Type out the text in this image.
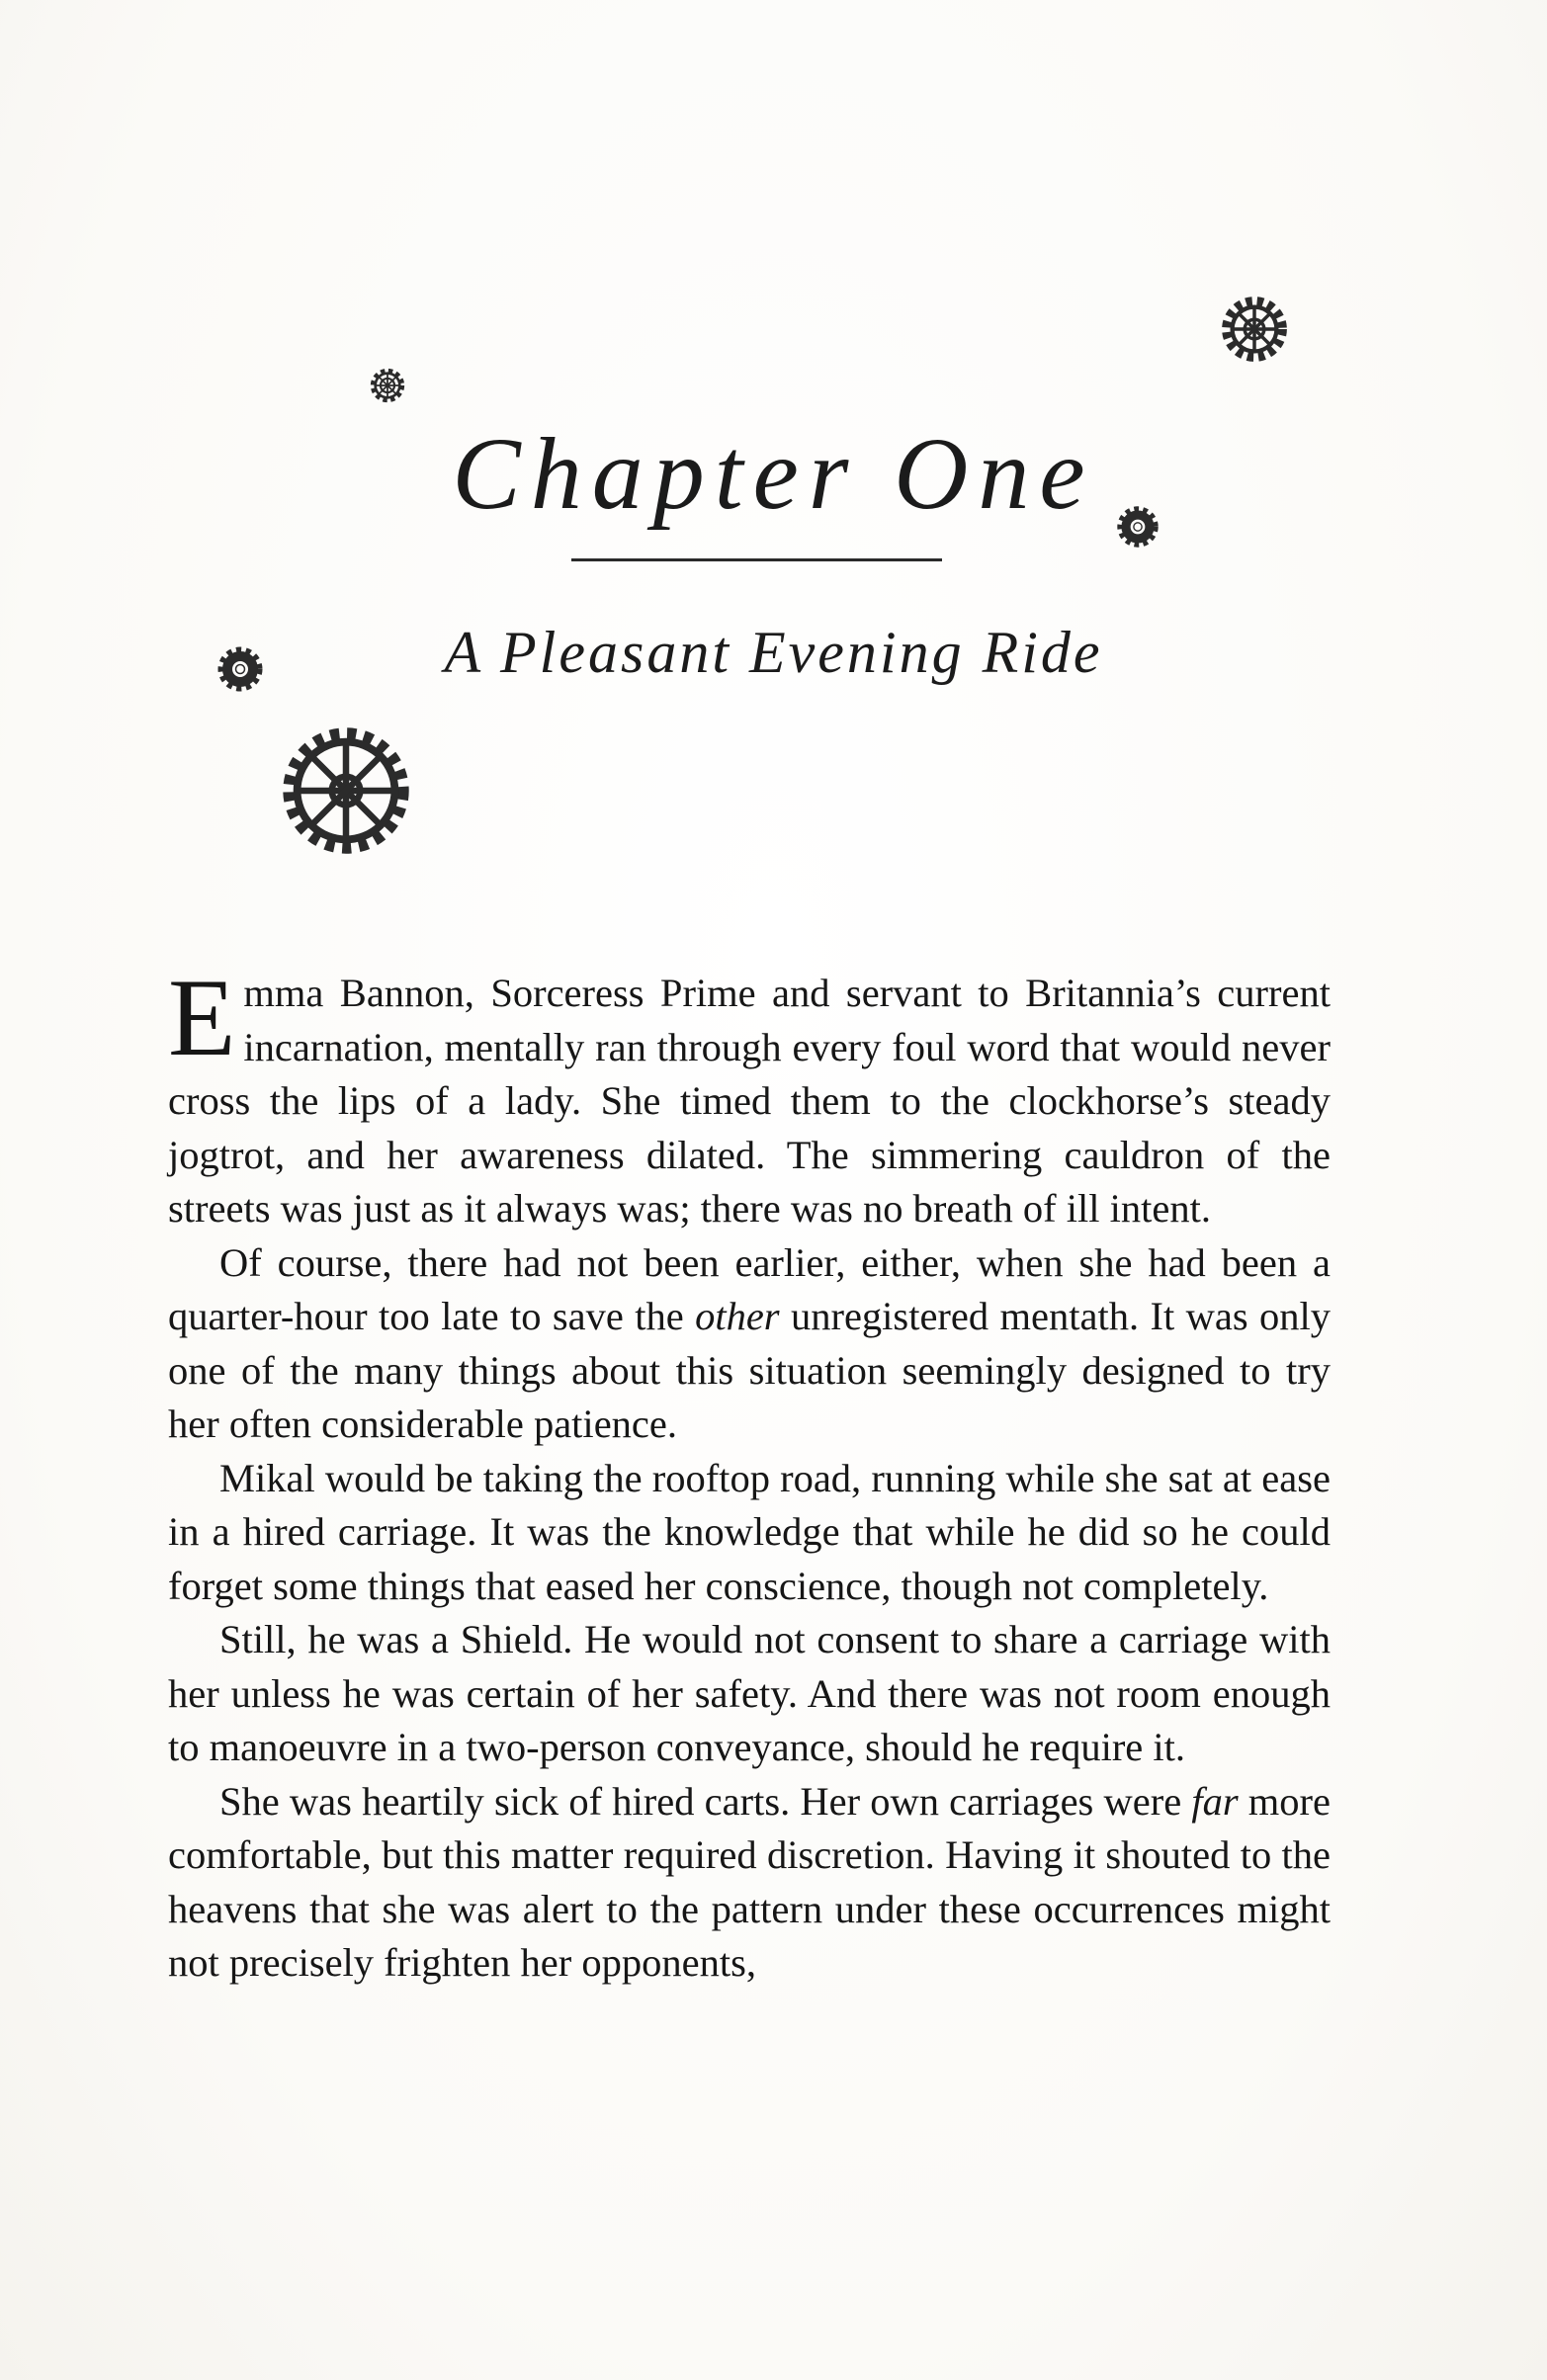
Chapter One
A Pleasant Evening Ride

Emma Bannon, Sorceress Prime and servant to Britannia’s current incarnation, mentally ran through every foul word that would never cross the lips of a lady. She timed them to the clockhorse’s steady jogtrot, and her awareness dilated. The simmering cauldron of the streets was just as it always was; there was no breath of ill intent.

Of course, there had not been earlier, either, when she had been a quarter-hour too late to save the other unregistered mentath. It was only one of the many things about this situation seemingly designed to try her often considerable patience.

Mikal would be taking the rooftop road, running while she sat at ease in a hired carriage. It was the knowledge that while he did so he could forget some things that eased her conscience, though not completely.

Still, he was a Shield. He would not consent to share a carriage with her unless he was certain of her safety. And there was not room enough to manoeuvre in a two-person conveyance, should he require it.

She was heartily sick of hired carts. Her own carriages were far more comfortable, but this matter required discretion. Having it shouted to the heavens that she was alert to the pattern under these occurrences might not precisely frighten her opponents,
